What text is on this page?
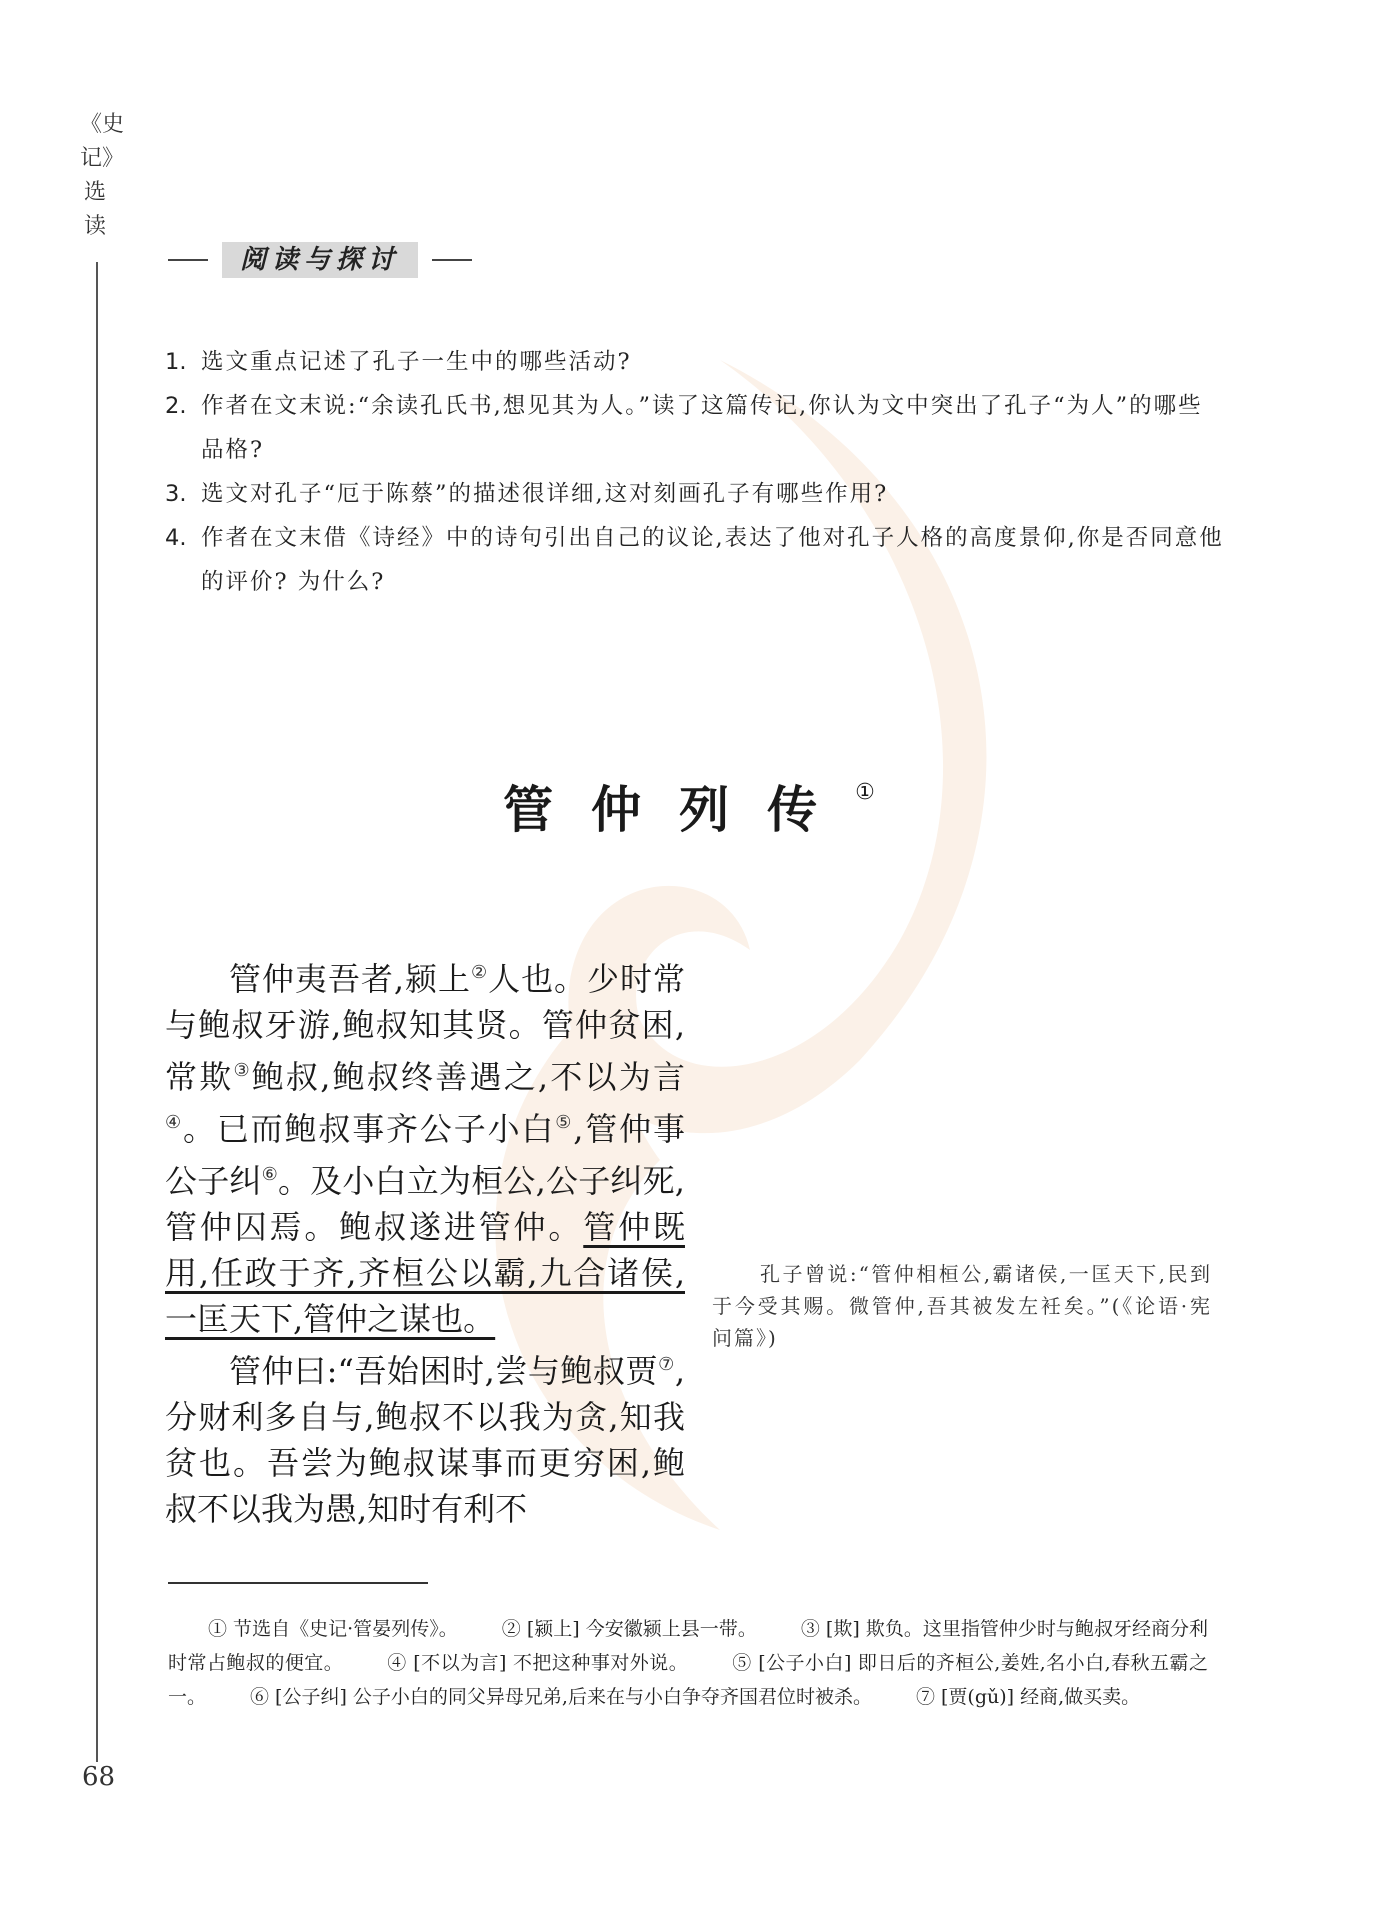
《史
记》
选
读
阅读与探讨
1. 选文重点记述了孔子一生中的哪些活动?
2. 作者在文末说:“余读孔氏书,想见其为人。”读了这篇传记,你认为文中突出了孔子“为人”的哪些品格?
3. 选文对孔子“厄于陈蔡”的描述很详细,这对刻画孔子有哪些作用?
4. 作者在文末借《诗经》中的诗句引出自己的议论,表达了他对孔子人格的高度景仰,你是否同意他的评价? 为什么?
管仲列传①

管仲夷吾者,颍上②人也。少时常与鲍叔牙游,鲍叔知其贤。管仲贫困,常欺③鲍叔,鲍叔终善遇之,不以为言④。已而鲍叔事齐公子小白⑤,管仲事公子纠⑥。及小白立为桓公,公子纠死,管仲囚焉。鲍叔遂进管仲。管仲既用,任政于齐,齐桓公以霸,九合诸侯,一匡天下,管仲之谋也。

管仲曰:“吾始困时,尝与鲍叔贾⑦,分财利多自与,鲍叔不以我为贪,知我贫也。吾尝为鲍叔谋事而更穷困,鲍叔不以我为愚,知时有利不

孔子曾说:“管仲相桓公,霸诸侯,一匡天下,民到于今受其赐。微管仲,吾其被发左衽矣。”(《论语·宪问篇》)
① 节选自《史记·管晏列传》。 ② [颍上] 今安徽颍上县一带。 ③ [欺] 欺负。这里指管仲少时与鲍叔牙经商分利时常占鲍叔的便宜。 ④ [不以为言] 不把这种事对外说。 ⑤ [公子小白] 即日后的齐桓公,姜姓,名小白,春秋五霸之一。 ⑥ [公子纠] 公子小白的同父异母兄弟,后来在与小白争夺齐国君位时被杀。 ⑦ [贾(gǔ)] 经商,做买卖。
68
